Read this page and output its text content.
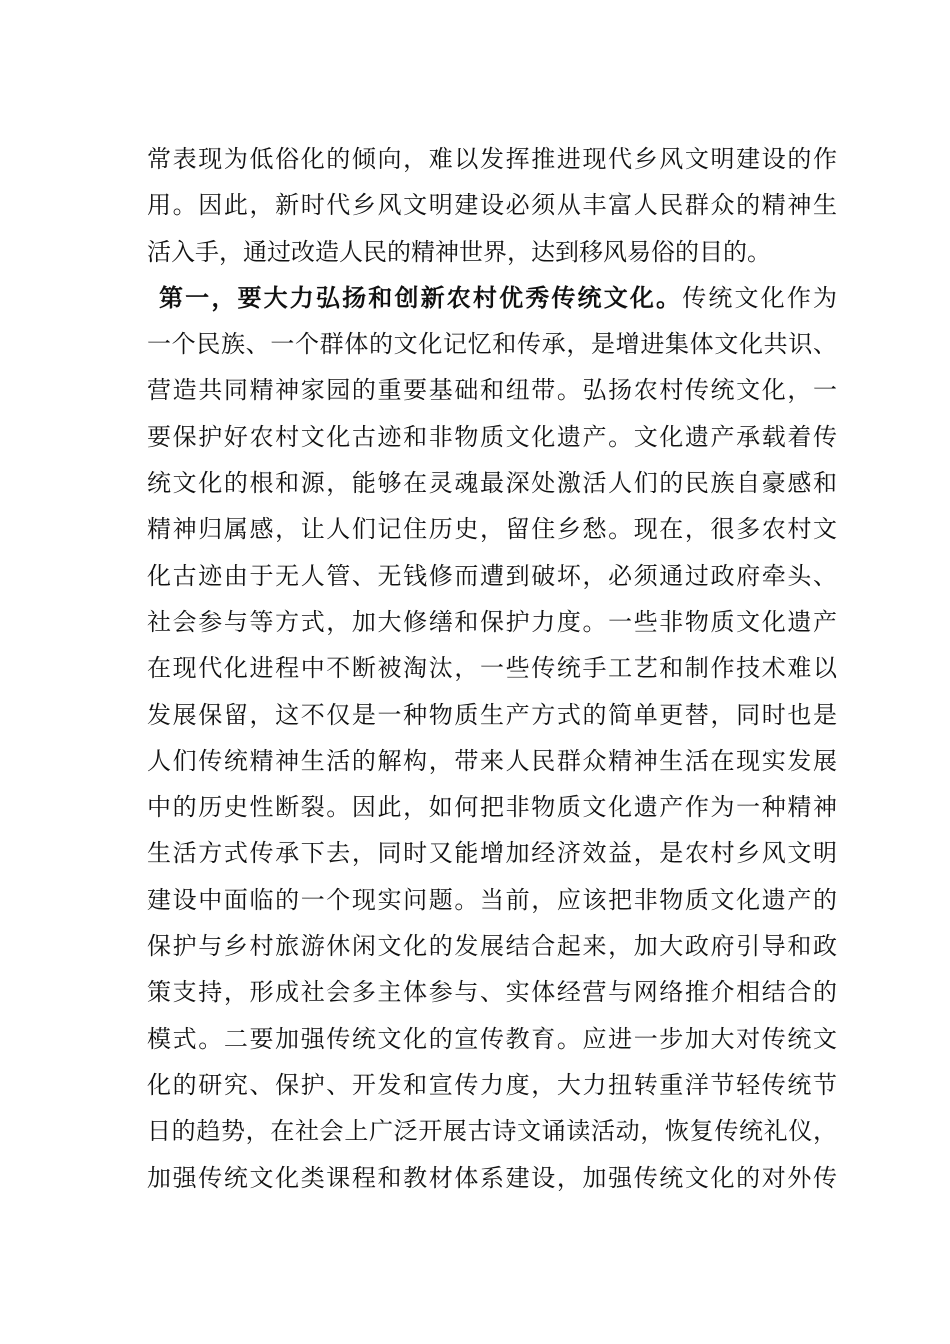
常表现为低俗化的倾向，难以发挥推进现代乡风文明建设的作
用。因此，新时代乡风文明建设必须从丰富人民群众的精神生
活入手，通过改造人民的精神世界，达到移风易俗的目的。
第一，要大力弘扬和创新农村优秀传统文化。传统文化作为
一个民族、一个群体的文化记忆和传承，是增进集体文化共识、
营造共同精神家园的重要基础和纽带。弘扬农村传统文化，一
要保护好农村文化古迹和非物质文化遗产。文化遗产承载着传
统文化的根和源，能够在灵魂最深处激活人们的民族自豪感和
精神归属感，让人们记住历史，留住乡愁。现在，很多农村文
化古迹由于无人管、无钱修而遭到破坏，必须通过政府牵头、
社会参与等方式，加大修缮和保护力度。一些非物质文化遗产
在现代化进程中不断被淘汰，一些传统手工艺和制作技术难以
发展保留，这不仅是一种物质生产方式的简单更替，同时也是
人们传统精神生活的解构，带来人民群众精神生活在现实发展
中的历史性断裂。因此，如何把非物质文化遗产作为一种精神
生活方式传承下去，同时又能增加经济效益，是农村乡风文明
建设中面临的一个现实问题。当前，应该把非物质文化遗产的
保护与乡村旅游休闲文化的发展结合起来，加大政府引导和政
策支持，形成社会多主体参与、实体经营与网络推介相结合的
模式。二要加强传统文化的宣传教育。应进一步加大对传统文
化的研究、保护、开发和宣传力度，大力扭转重洋节轻传统节
日的趋势，在社会上广泛开展古诗文诵读活动，恢复传统礼仪，
加强传统文化类课程和教材体系建设，加强传统文化的对外传
